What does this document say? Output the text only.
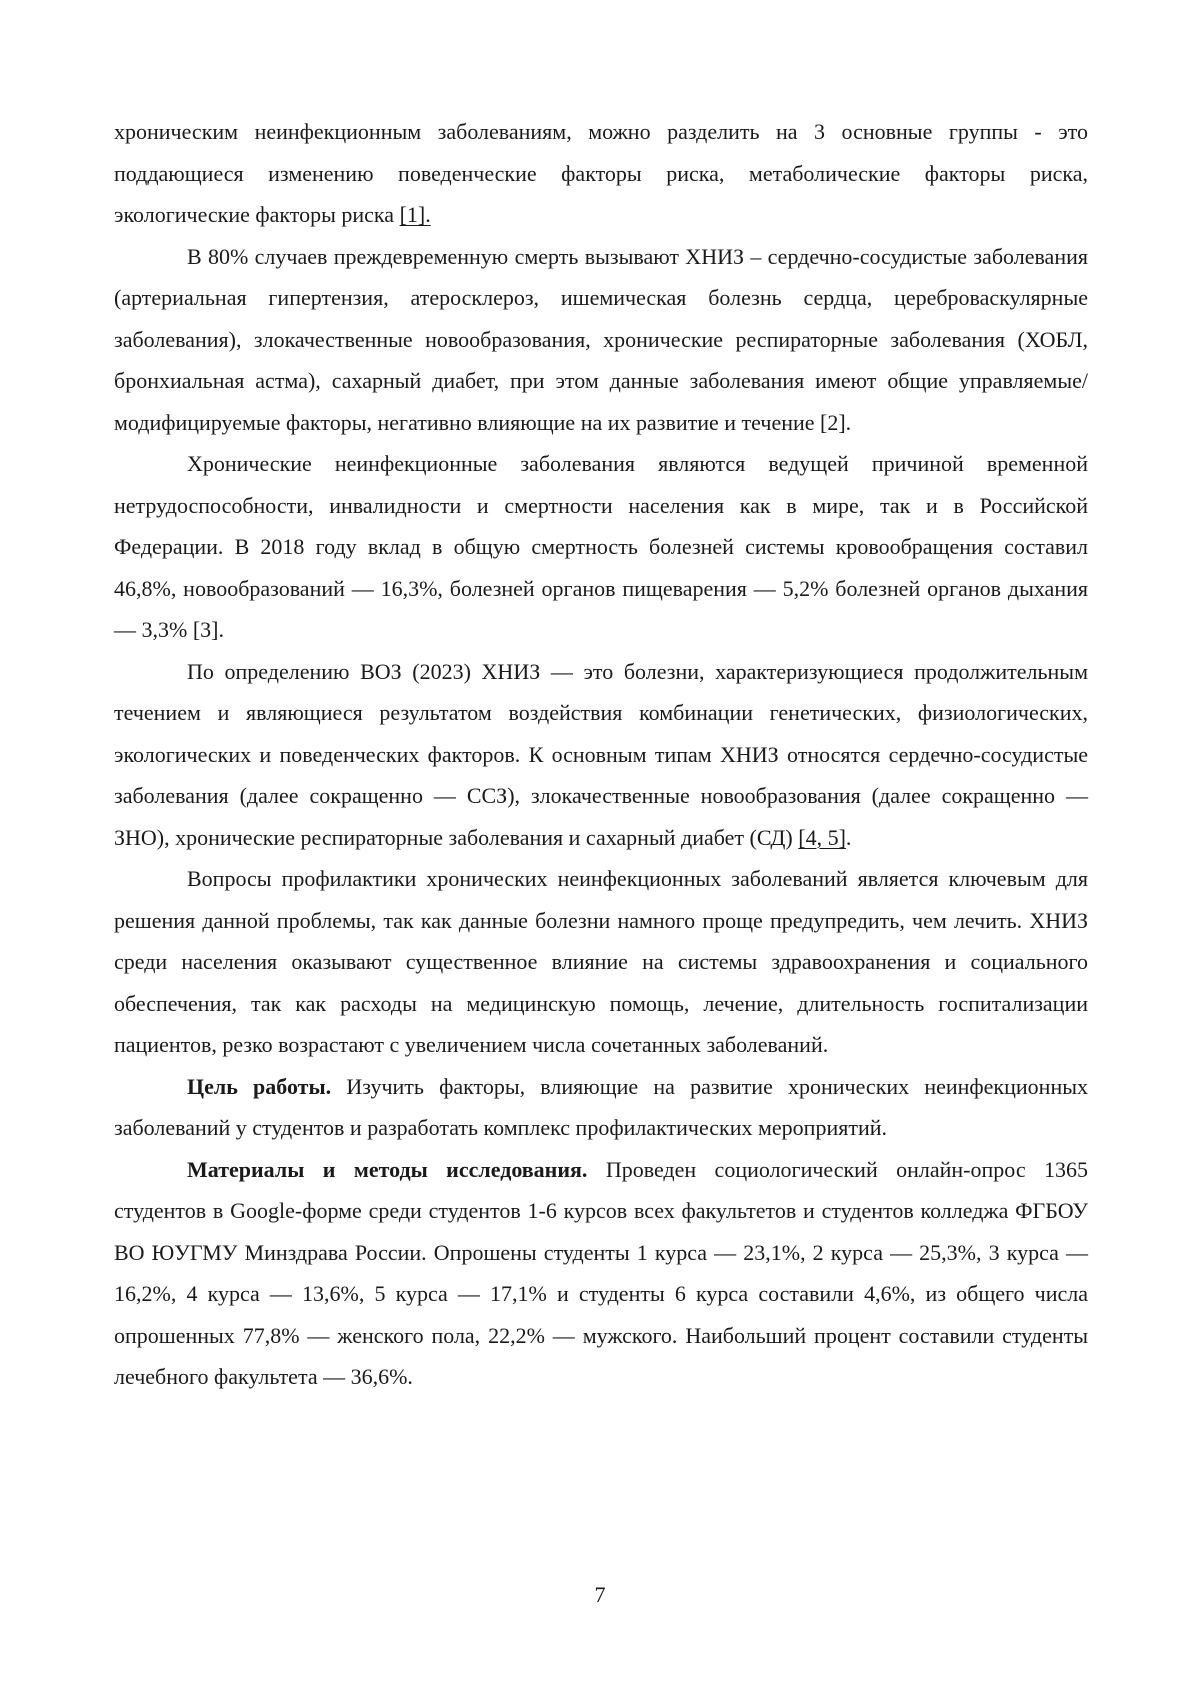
хроническим неинфекционным заболеваниям, можно разделить на 3 основные группы - это поддающиеся изменению поведенческие факторы риска, метаболические факторы риска, экологические факторы риска [1].

В 80% случаев преждевременную смерть вызывают ХНИЗ – сердечно-сосудистые заболевания (артериальная гипертензия, атеросклероз, ишемическая болезнь сердца, цереброваскулярные заболевания), злокачественные новообразования, хронические респираторные заболевания (ХОБЛ, бронхиальная астма), сахарный диабет, при этом данные заболевания имеют общие управляемые/модифицируемые факторы, негативно влияющие на их развитие и течение [2].

Хронические неинфекционные заболевания являются ведущей причиной временной нетрудоспособности, инвалидности и смертности населения как в мире, так и в Российской Федерации. В 2018 году вклад в общую смертность болезней системы кровообращения составил 46,8%, новообразований — 16,3%, болезней органов пищеварения — 5,2% болезней органов дыхания — 3,3% [3].

По определению ВОЗ (2023) ХНИЗ — это болезни, характеризующиеся продолжительным течением и являющиеся результатом воздействия комбинации генетических, физиологических, экологических и поведенческих факторов. К основным типам ХНИЗ относятся сердечно-сосудистые заболевания (далее сокращенно — ССЗ), злокачественные новообразования (далее сокращенно — ЗНО), хронические респираторные заболевания и сахарный диабет (СД) [4, 5].

Вопросы профилактики хронических неинфекционных заболеваний является ключевым для решения данной проблемы, так как данные болезни намного проще предупредить, чем лечить. ХНИЗ среди населения оказывают существенное влияние на системы здравоохранения и социального обеспечения, так как расходы на медицинскую помощь, лечение, длительность госпитализации пациентов, резко возрастают с увеличением числа сочетанных заболеваний.

Цель работы. Изучить факторы, влияющие на развитие хронических неинфекционных заболеваний у студентов и разработать комплекс профилактических мероприятий.

Материалы и методы исследования. Проведен социологический онлайн-опрос 1365 студентов в Google-форме среди студентов 1-6 курсов всех факультетов и студентов колледжа ФГБОУ ВО ЮУГМУ Минздрава России. Опрошены студенты 1 курса — 23,1%, 2 курса — 25,3%, 3 курса — 16,2%, 4 курса — 13,6%, 5 курса — 17,1% и студенты 6 курса составили 4,6%, из общего числа опрошенных 77,8% — женского пола, 22,2% — мужского. Наибольший процент составили студенты лечебного факультета — 36,6%.

7
